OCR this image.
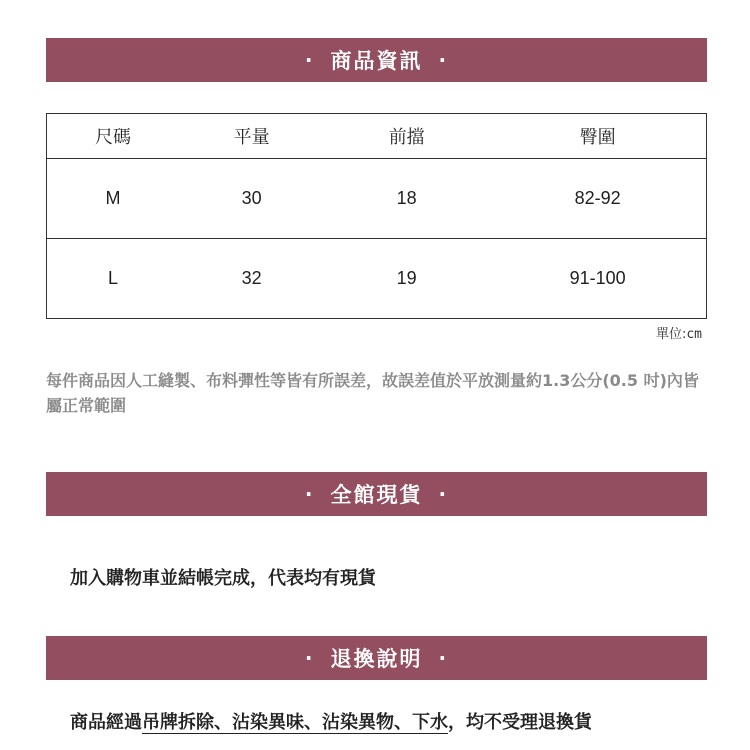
· 商品資訊 ·
尺碼	平量	前擋	臀圍
M	30	18	82-92
L	32	19	91-100
單位:cm
每件商品因人工縫製、布料彈性等皆有所誤差，故誤差值於平放測量約1.3公分(0.5 吋)內皆屬正常範圍
· 全館現貨 ·
加入購物車並結帳完成，代表均有現貨
· 退換說明 ·
商品經過吊牌拆除、沾染異味、沾染異物、下水，均不受理退換貨
